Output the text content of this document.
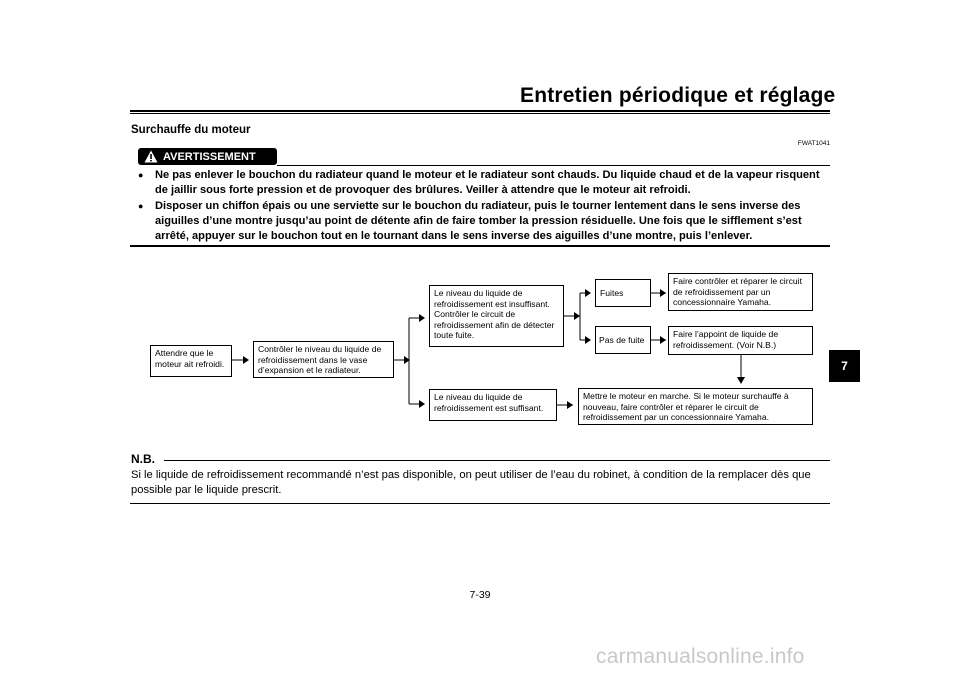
Entretien périodique et réglage
Surchauffe du moteur
FWAT1041
AVERTISSEMENT
●	Ne pas enlever le bouchon du radiateur quand le moteur et le radiateur sont chauds. Du liquide chaud et de la vapeur risquent de jaillir sous forte pression et de provoquer des brûlures. Veiller à attendre que le moteur ait refroidi.
●	Disposer un chiffon épais ou une serviette sur le bouchon du radiateur, puis le tourner lentement dans le sens inverse des aiguilles d’une montre jusqu’au point de détente afin de faire tomber la pression résiduelle. Une fois que le sifflement s’est arrêté, appuyer sur le bouchon tout en le tournant dans le sens inverse des aiguilles d’une montre, puis l’enlever.
Attendre que le moteur ait refroidi.
Contrôler le niveau du liquide de refroidissement dans le vase d’expansion et le radiateur.
Le niveau du liquide de refroidissement est insuffisant. Contrôler le circuit de refroidissement afin de détecter toute fuite.
Le niveau du liquide de refroidissement est suffisant.
Fuites
Pas de fuite
Faire contrôler et réparer le circuit de refroidissement par un concessionnaire Yamaha.
Faire l’appoint de liquide de refroidissement. (Voir N.B.)
Mettre le moteur en marche. Si le moteur surchauffe à nouveau, faire contrôler et réparer le circuit de refroidissement par un concessionnaire Yamaha.
N.B.
Si le liquide de refroidissement recommandé n’est pas disponible, on peut utiliser de l’eau du robinet, à condition de la remplacer dès que possible par le liquide prescrit.
7-39
7
carmanualsonline.info
